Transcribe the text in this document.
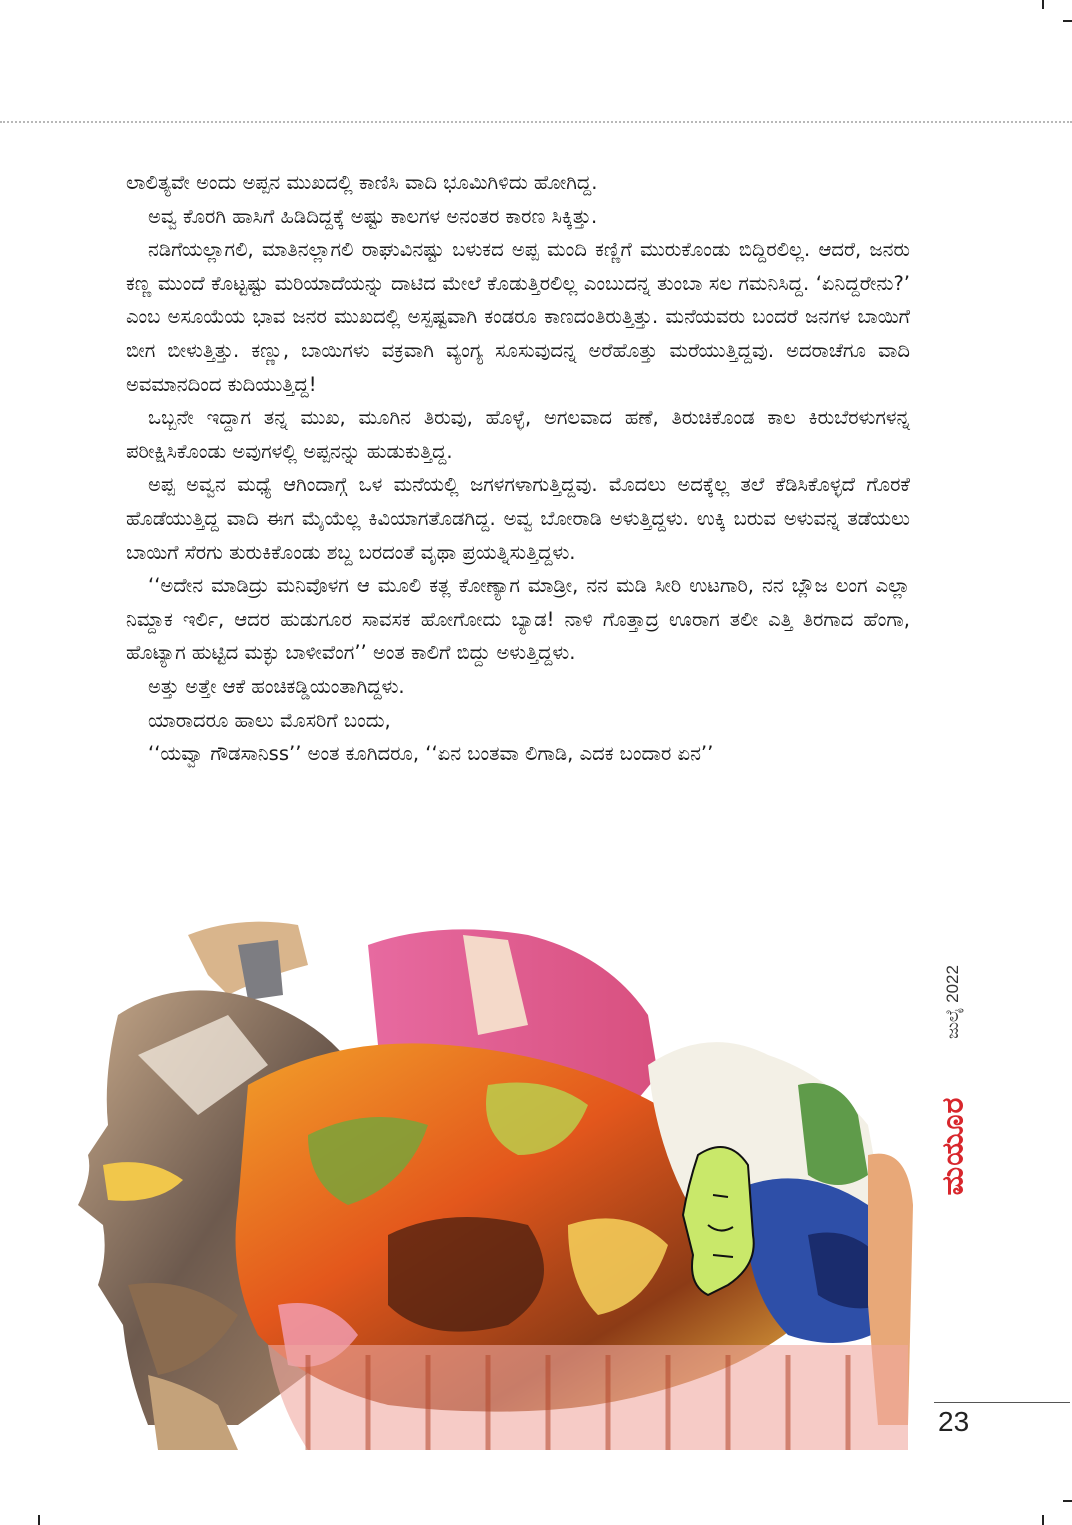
ಲಾಲಿತ್ಯವೇ ಅಂದು ಅಪ್ಪನ ಮುಖದಲ್ಲಿ ಕಾಣಿಸಿ ವಾದಿ ಭೂಮಿಗಿಳಿದು ಹೋಗಿದ್ದ.

ಅವ್ವ ಕೊರಗಿ ಹಾಸಿಗೆ ಹಿಡಿದಿದ್ದಕ್ಕೆ ಅಷ್ಟು ಕಾಲಗಳ ಅನಂತರ ಕಾರಣ ಸಿಕ್ಕಿತ್ತು.

ನಡಿಗೆಯಲ್ಲಾಗಲಿ, ಮಾತಿನಲ್ಲಾಗಲಿ ರಾಘುವಿನಷ್ಟು ಬಳುಕದ ಅಪ್ಪ ಮಂದಿ ಕಣ್ಣಿಗೆ ಮುರುಕೊಂಡು ಬಿದ್ದಿರಲಿಲ್ಲ. ಆದರೆ, ಜನರು ಕಣ್ಣ ಮುಂದೆ ಕೊಟ್ಟಷ್ಟು ಮರಿಯಾದೆಯನ್ನು ದಾಟಿದ ಮೇಲೆ ಕೊಡುತ್ತಿರಲಿಲ್ಲ ಎಂಬುದನ್ನ ತುಂಬಾ ಸಲ ಗಮನಿಸಿದ್ದ. ‘ಏನಿದ್ದರೇನು?’ ಎಂಬ ಅಸೂಯೆಯ ಭಾವ ಜನರ ಮುಖದಲ್ಲಿ ಅಸ್ಪಷ್ಟವಾಗಿ ಕಂಡರೂ ಕಾಣದಂತಿರುತ್ತಿತ್ತು. ಮನೆಯವರು ಬಂದರೆ ಜನಗಳ ಬಾಯಿಗೆ ಬೀಗ ಬೀಳುತ್ತಿತ್ತು. ಕಣ್ಣು, ಬಾಯಿಗಳು ವಕ್ರವಾಗಿ ವ್ಯಂಗ್ಯ ಸೂಸುವುದನ್ನ ಅರೆಹೊತ್ತು ಮರೆಯುತ್ತಿದ್ದವು. ಅದರಾಚೆಗೂ ವಾದಿ ಅವಮಾನದಿಂದ ಕುದಿಯುತ್ತಿದ್ದ!

ಒಬ್ಬನೇ ಇದ್ದಾಗ ತನ್ನ ಮುಖ, ಮೂಗಿನ ತಿರುವು, ಹೊಳ್ಳೆ, ಅಗಲವಾದ ಹಣೆ, ತಿರುಚಿಕೊಂಡ ಕಾಲ ಕಿರುಬೆರಳುಗಳನ್ನ ಪರೀಕ್ಷಿಸಿಕೊಂಡು ಅವುಗಳಲ್ಲಿ ಅಪ್ಪನನ್ನು ಹುಡುಕುತ್ತಿದ್ದ.

ಅಪ್ಪ ಅವ್ವನ ಮಧ್ಯೆ ಆಗಿಂದಾಗ್ಗೆ ಒಳ ಮನೆಯಲ್ಲಿ ಜಗಳಗಳಾಗುತ್ತಿದ್ದವು. ಮೊದಲು ಅದಕ್ಕೆಲ್ಲ ತಲೆ ಕೆಡಿಸಿಕೊಳ್ಳದೆ ಗೊರಕೆ ಹೊಡೆಯುತ್ತಿದ್ದ ವಾದಿ ಈಗ ಮೈಯೆಲ್ಲ ಕಿವಿಯಾಗತೊಡಗಿದ್ದ. ಅವ್ವ ಬೋರಾಡಿ ಅಳುತ್ತಿದ್ದಳು. ಉಕ್ಕಿ ಬರುವ ಅಳುವನ್ನ ತಡೆಯಲು ಬಾಯಿಗೆ ಸೆರಗು ತುರುಕಿಕೊಂಡು ಶಬ್ದ ಬರದಂತೆ ವೃಥಾ ಪ್ರಯತ್ನಿಸುತ್ತಿದ್ದಳು.

‘‘ಅದೇನ ಮಾಡಿದ್ರು ಮನಿವೊಳಗ ಆ ಮೂಲಿ ಕತ್ಲ ಕೋಣ್ಯಾಗ ಮಾಡ್ರೀ, ನನ ಮಡಿ ಸೀರಿ ಉಟಗಾರಿ, ನನ ಬ್ಲೌಜ ಲಂಗ ಎಲ್ಲಾ ನಿಮ್ದಾಕ ಇರ್ಲಿ, ಆದರ ಹುಡುಗೂರ ಸಾವಸಕ ಹೋಗೋದು ಬ್ಯಾಡ! ನಾಳಿ ಗೊತ್ತಾದ್ರ ಊರಾಗ ತಲೀ ಎತ್ತಿ ತಿರಗಾದ ಹೆಂಗಾ, ಹೊಟ್ಯಾಗ ಹುಟ್ಟಿದ ಮಕ್ಳು ಬಾಳೀವೆಂಗ’’ ಅಂತ ಕಾಲಿಗೆ ಬಿದ್ದು ಅಳುತ್ತಿದ್ದಳು.

ಅತ್ತು ಅತ್ತೇ ಆಕೆ ಹಂಚಿಕಡ್ಡಿಯಂತಾಗಿದ್ದಳು.

ಯಾರಾದರೂ ಹಾಲು ಮೊಸರಿಗೆ ಬಂದು,

‘‘ಯವ್ವಾ ಗೌಡಸಾನಿss’’ ಅಂತ ಕೂಗಿದರೂ, ‘‘ಏನ ಬಂತವಾ ಲಿಗಾಡಿ, ಎದಕ ಬಂದಾರ ಏನ’’

ಜುಲೈ 2022
ಮಯೂರ
23
